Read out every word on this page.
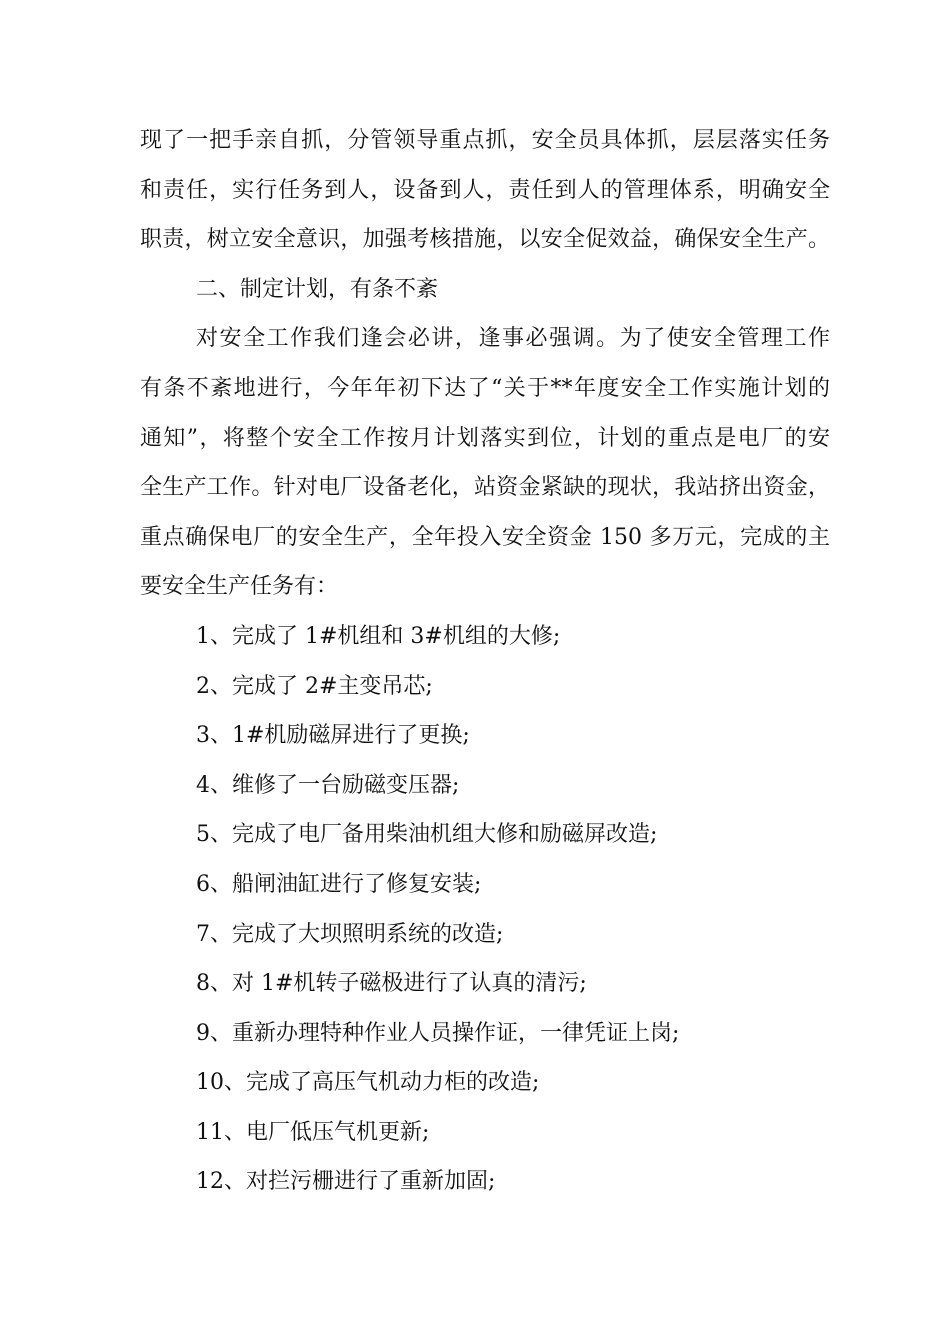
现了一把手亲自抓，分管领导重点抓，安全员具体抓，层层落实任务
和责任，实行任务到人，设备到人，责任到人的管理体系，明确安全
职责，树立安全意识，加强考核措施，以安全促效益，确保安全生产。
二、制定计划，有条不紊
对安全工作我们逢会必讲，逢事必强调。为了使安全管理工作
有条不紊地进行，今年年初下达了“关于**年度安全工作实施计划的
通知”，将整个安全工作按月计划落实到位，计划的重点是电厂的安
全生产工作。针对电厂设备老化，站资金紧缺的现状，我站挤出资金，
重点确保电厂的安全生产，全年投入安全资金 150 多万元，完成的主
要安全生产任务有：
1、完成了 1#机组和 3#机组的大修;
2、完成了 2#主变吊芯;
3、1#机励磁屏进行了更换;
4、维修了一台励磁变压器;
5、完成了电厂备用柴油机组大修和励磁屏改造;
6、船闸油缸进行了修复安装;
7、完成了大坝照明系统的改造;
8、对 1#机转子磁极进行了认真的清污;
9、重新办理特种作业人员操作证，一律凭证上岗;
10、完成了高压气机动力柜的改造;
11、电厂低压气机更新;
12、对拦污栅进行了重新加固;
